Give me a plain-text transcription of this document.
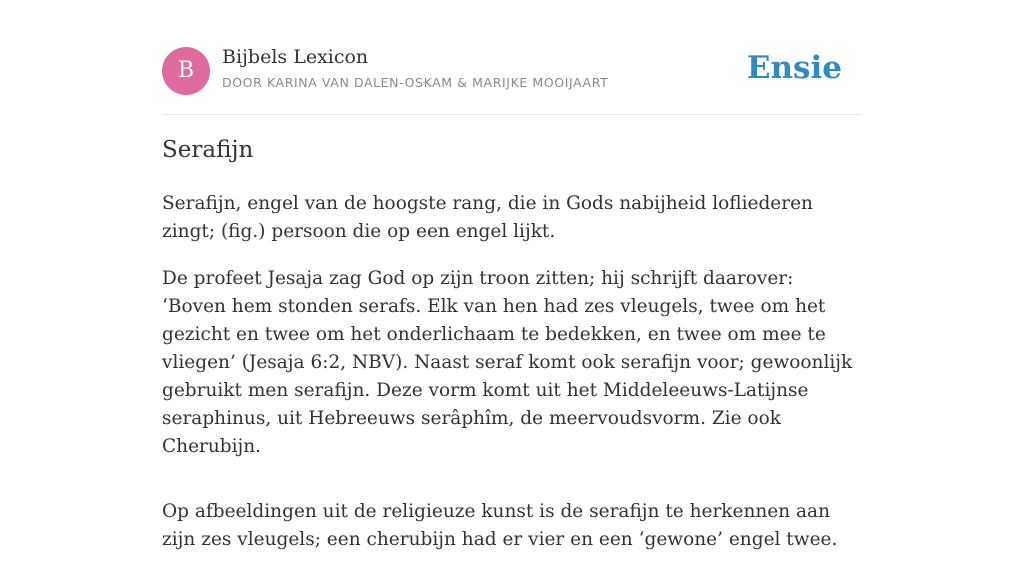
B
Bijbels Lexicon
DOOR KARINA VAN DALEN-OSKAM & MARIJKE MOOIJAART	Ensie
Serafijn

Serafijn, engel van de hoogste rang, die in Gods nabijheid lofliederen zingt; (fig.) persoon die op een engel lijkt.

De profeet Jesaja zag God op zijn troon zitten; hij schrijft daarover: ‘Boven hem stonden serafs. Elk van hen had zes vleugels, twee om het gezicht en twee om het onderlichaam te bedekken, en twee om mee te vliegen’ (Jesaja 6:2, NBV). Naast seraf komt ook serafijn voor; gewoonlijk gebruikt men serafijn. Deze vorm komt uit het Middeleeuws-Latijnse seraphinus, uit Hebreeuws serâphîm, de meervoudsvorm. Zie ook Cherubijn.

Op afbeeldingen uit de religieuze kunst is de serafijn te herkennen aan zijn zes vleugels; een cherubijn had er vier en een ‘gewone’ engel twee.
